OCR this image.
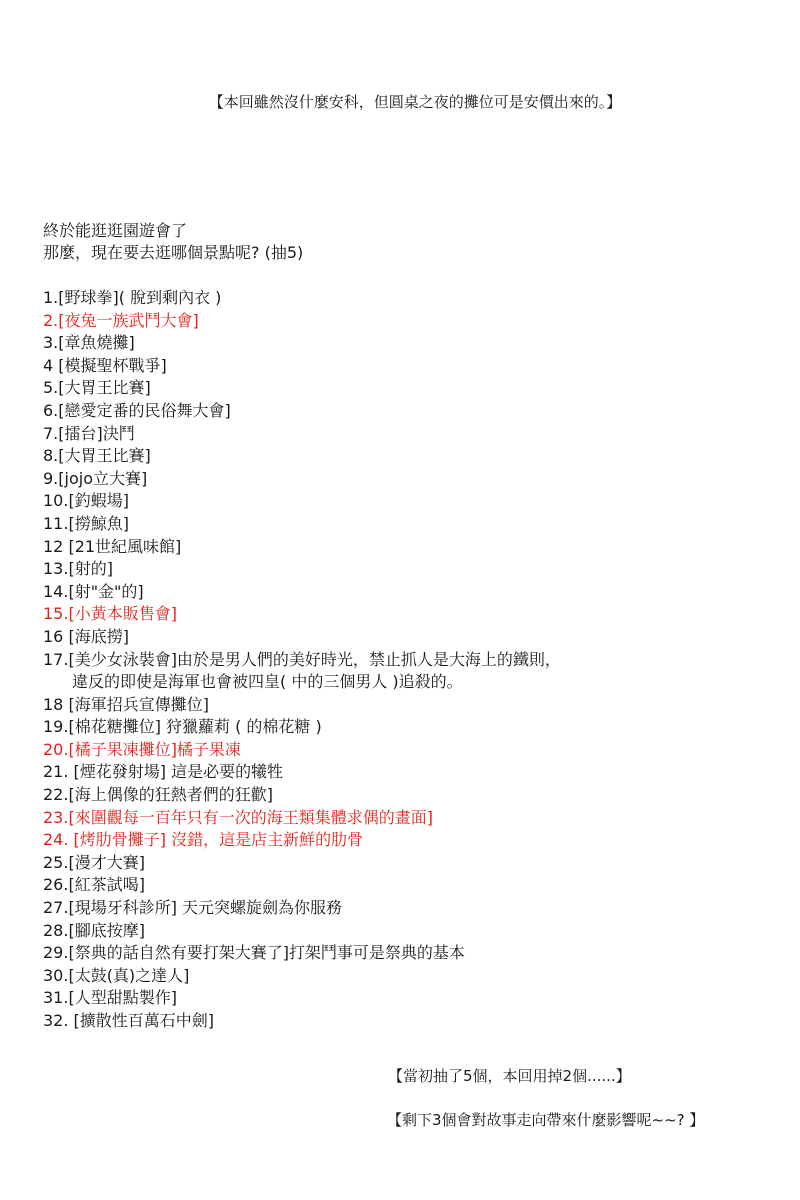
【本回雖然沒什麼安科，但圓桌之夜的攤位可是安價出來的。】
終於能逛逛園遊會了
那麼，現在要去逛哪個景點呢? (抽5)
1.[野球拳]( 脫到剩內衣 )
2.[夜兔一族武鬥大會]
3.[章魚燒攤]
4 [模擬聖杯戰爭]
5.[大胃王比賽]
6.[戀愛定番的民俗舞大會]
7.[擂台]決鬥
8.[大胃王比賽]
9.[jojo立大賽]
10.[釣蝦場]
11.[撈鯨魚]
12 [21世紀風味館]
13.[射的]
14.[射"金"的]
15.[小黃本販售會]
16 [海底撈]
17.[美少女泳裝會]由於是男人們的美好時光，禁止抓人是大海上的鐵則，
違反的即使是海軍也會被四皇( 中的三個男人 )追殺的。
18 [海軍招兵宣傳攤位]
19.[棉花糖攤位] 狩獵蘿莉 ( 的棉花糖 )
20.[橘子果凍攤位]橘子果凍
21. [煙花發射場] 這是必要的犧牲
22.[海上偶像的狂熱者們的狂歡]
23.[來圍觀每一百年只有一次的海王類集體求偶的畫面]
24. [烤肋骨攤子] 沒錯，這是店主新鮮的肋骨
25.[漫才大賽]
26.[紅茶試喝]
27.[現場牙科診所] 天元突螺旋劍為你服務
28.[腳底按摩]
29.[祭典的話自然有要打架大賽了]打架鬥事可是祭典的基本
30.[太鼓(真)之達人]
31.[人型甜點製作]
32. [擴散性百萬石中劍]
【當初抽了5個，本回用掉2個......】
【剩下3個會對故事走向帶來什麼影響呢~~? 】
